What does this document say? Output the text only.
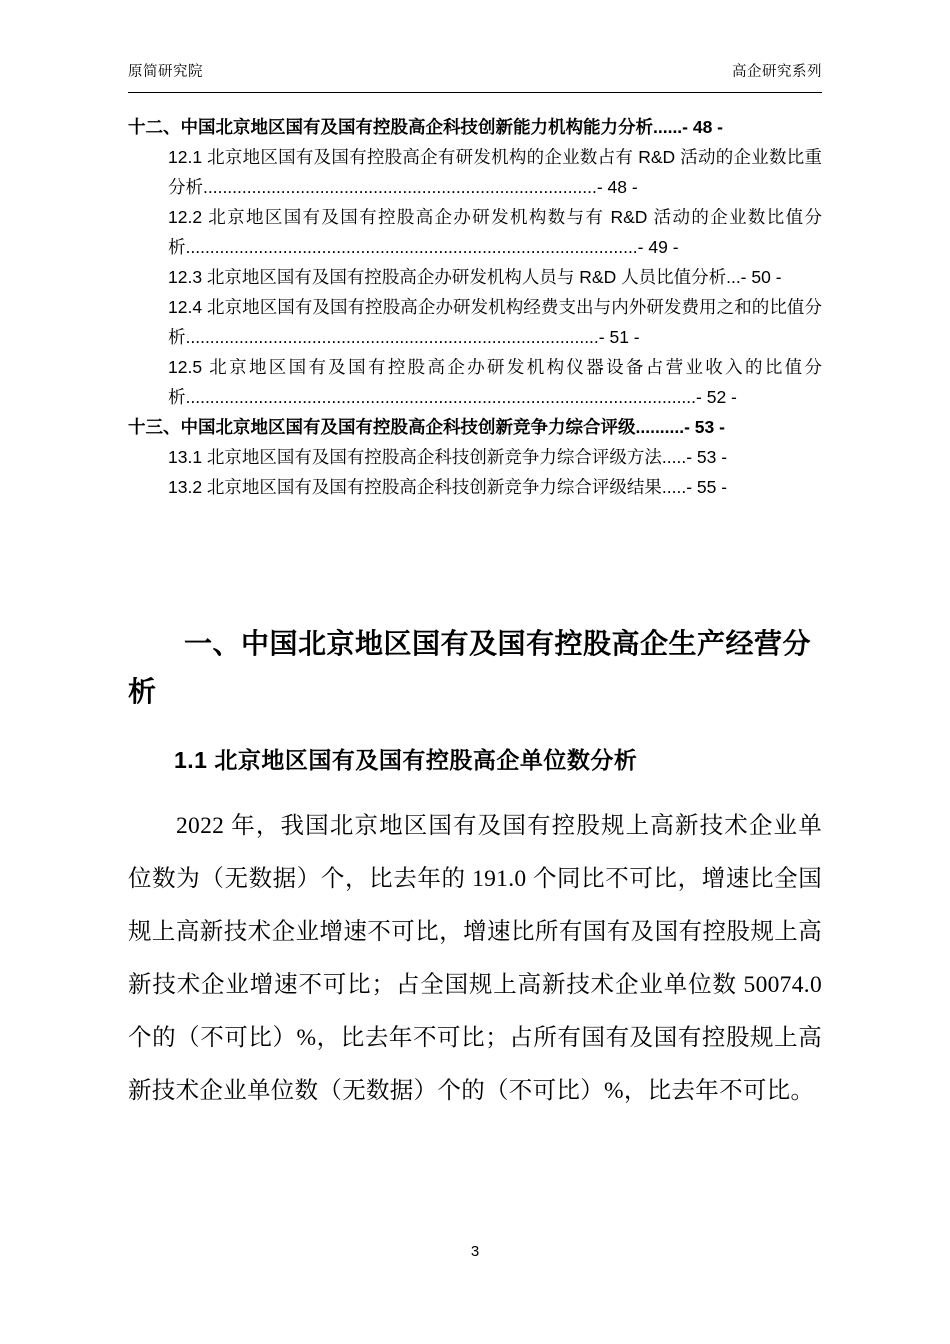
原简研究院	高企研究系列
十二、中国北京地区国有及国有控股高企科技创新能力机构能力分析......- 48 -
12.1 北京地区国有及国有控股高企有研发机构的企业数占有 R&D 活动的企业数比重分析.................................................................................- 48 -
12.2 北京地区国有及国有控股高企办研发机构数与有 R&D 活动的企业数比值分析.............................................................................................- 49 -
12.3 北京地区国有及国有控股高企办研发机构人员与 R&D 人员比值分析...- 50 -
12.4 北京地区国有及国有控股高企办研发机构经费支出与内外研发费用之和的比值分析.....................................................................................- 51 -
12.5 北京地区国有及国有控股高企办研发机构仪器设备占营业收入的比值分析.........................................................................................................- 52 -
十三、中国北京地区国有及国有控股高企科技创新竞争力综合评级..........- 53 -
13.1 北京地区国有及国有控股高企科技创新竞争力综合评级方法.....- 53 -
13.2 北京地区国有及国有控股高企科技创新竞争力综合评级结果.....- 55 -
一、中国北京地区国有及国有控股高企生产经营分析
1.1 北京地区国有及国有控股高企单位数分析
2022 年，我国北京地区国有及国有控股规上高新技术企业单位数为（无数据）个，比去年的 191.0 个同比不可比，增速比全国规上高新技术企业增速不可比，增速比所有国有及国有控股规上高新技术企业增速不可比；占全国规上高新技术企业单位数 50074.0 个的（不可比）%，比去年不可比；占所有国有及国有控股规上高新技术企业单位数（无数据）个的（不可比）%，比去年不可比。
3
